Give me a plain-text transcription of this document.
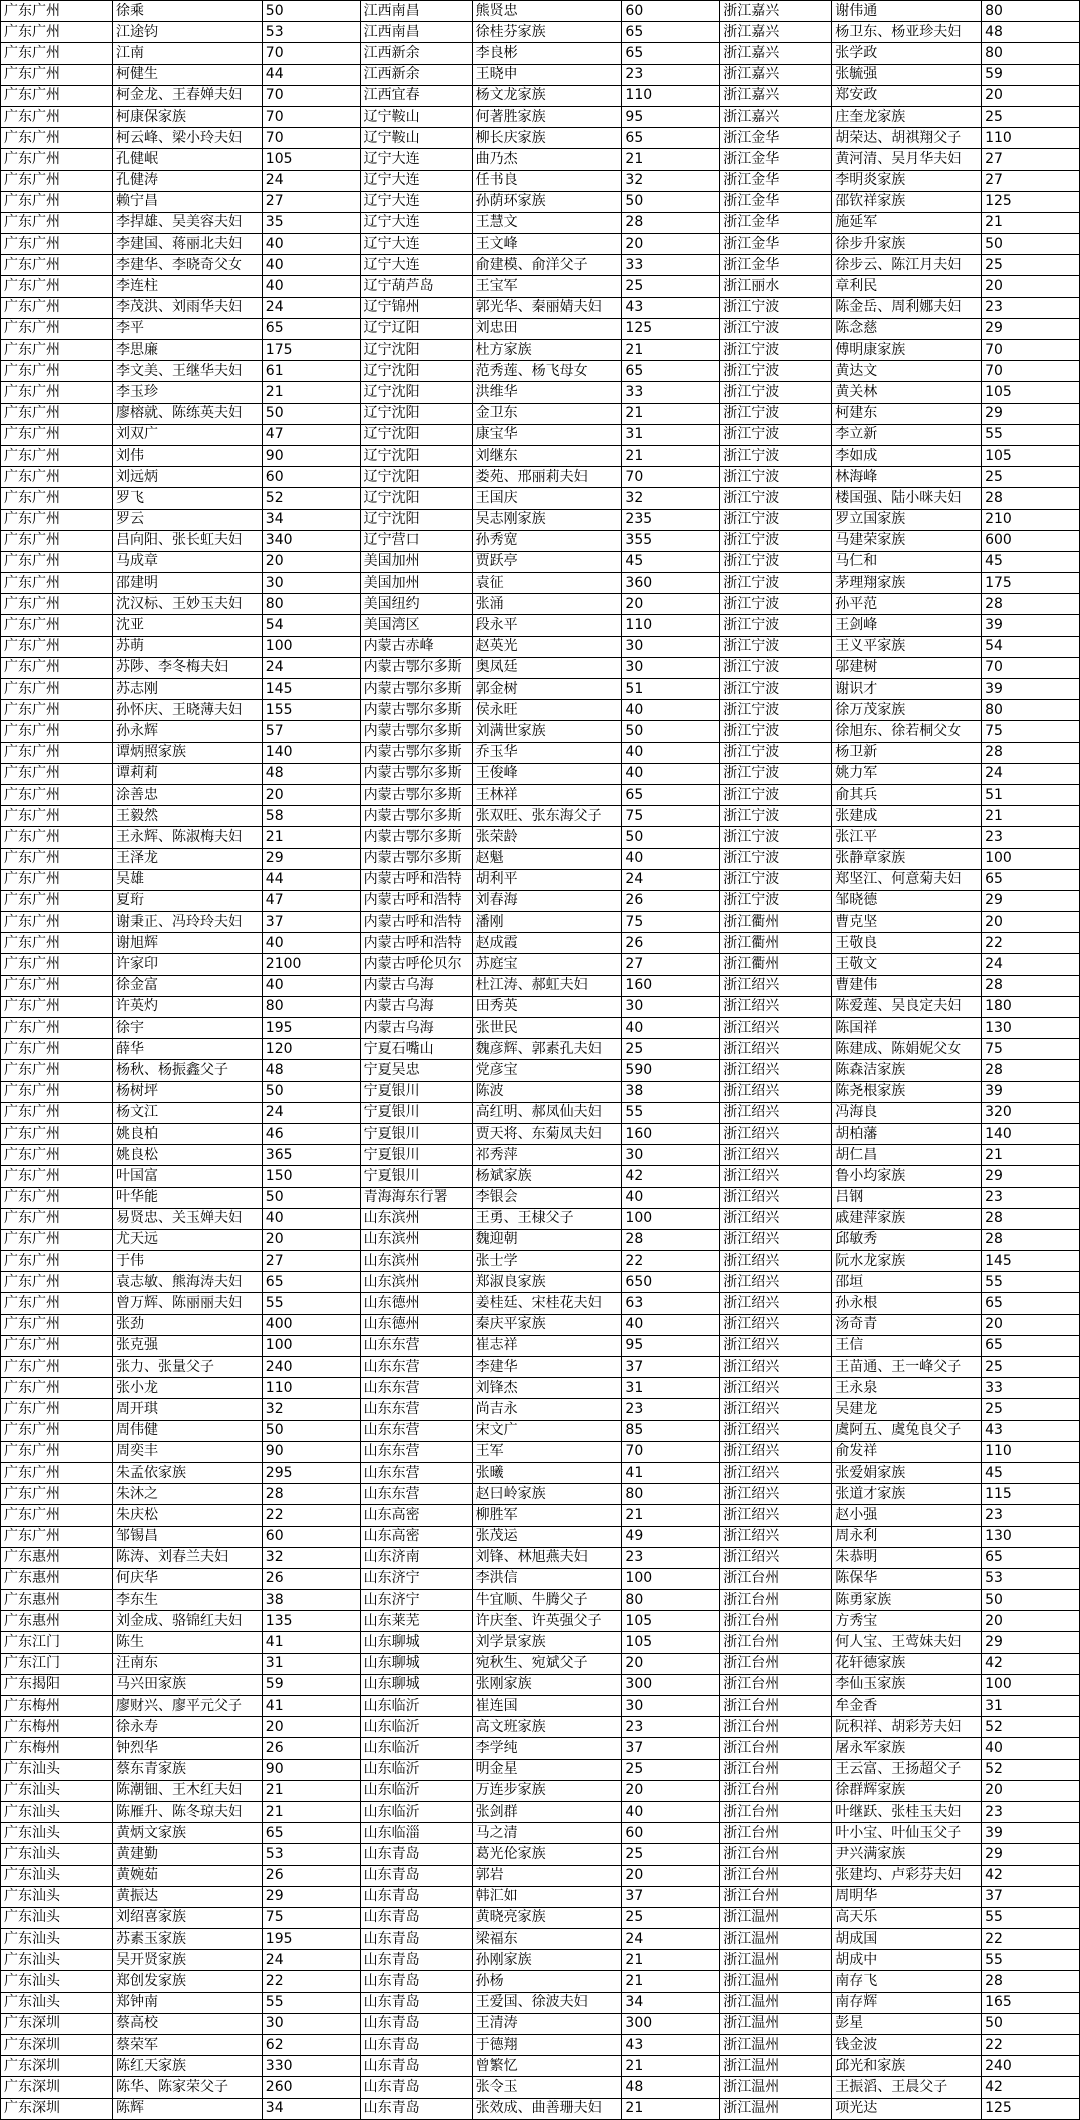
广东广州	徐乘	50	江西南昌	熊贤忠	60	浙江嘉兴	谢伟通	80
广东广州	江途钧	53	江西南昌	徐桂芬家族	65	浙江嘉兴	杨卫东、杨亚珍夫妇	48
广东广州	江南	70	江西新余	李良彬	65	浙江嘉兴	张学政	80
广东广州	柯健生	44	江西新余	王晓申	23	浙江嘉兴	张毓强	59
广东广州	柯金龙、王春婵夫妇	70	江西宜春	杨文龙家族	110	浙江嘉兴	郑安政	20
广东广州	柯康保家族	70	辽宁鞍山	何著胜家族	95	浙江嘉兴	庄奎龙家族	25
广东广州	柯云峰、梁小玲夫妇	70	辽宁鞍山	柳长庆家族	65	浙江金华	胡荣达、胡祺翔父子	110
广东广州	孔健岷	105	辽宁大连	曲乃杰	21	浙江金华	黄河清、吴月华夫妇	27
广东广州	孔健涛	24	辽宁大连	任书良	32	浙江金华	李明炎家族	27
广东广州	赖宁昌	27	辽宁大连	孙荫环家族	50	浙江金华	邵钦祥家族	125
广东广州	李捍雄、吴美容夫妇	35	辽宁大连	王慧文	28	浙江金华	施延军	21
广东广州	李建国、蒋丽北夫妇	40	辽宁大连	王文峰	20	浙江金华	徐步升家族	50
广东广州	李建华、李晓奇父女	40	辽宁大连	俞建模、俞洋父子	33	浙江金华	徐步云、陈江月夫妇	25
广东广州	李连柱	40	辽宁葫芦岛	王宝军	25	浙江丽水	章利民	20
广东广州	李茂洪、刘雨华夫妇	24	辽宁锦州	郭光华、秦丽婧夫妇	43	浙江宁波	陈金岳、周利娜夫妇	23
广东广州	李平	65	辽宁辽阳	刘忠田	125	浙江宁波	陈念慈	29
广东广州	李思廉	175	辽宁沈阳	杜方家族	21	浙江宁波	傅明康家族	70
广东广州	李文美、王继华夫妇	61	辽宁沈阳	范秀莲、杨飞母女	65	浙江宁波	黄达文	70
广东广州	李玉珍	21	辽宁沈阳	洪维华	33	浙江宁波	黄关林	105
广东广州	廖榕就、陈练英夫妇	50	辽宁沈阳	金卫东	21	浙江宁波	柯建东	29
广东广州	刘双广	47	辽宁沈阳	康宝华	31	浙江宁波	李立新	55
广东广州	刘伟	90	辽宁沈阳	刘继东	21	浙江宁波	李如成	105
广东广州	刘远炳	60	辽宁沈阳	娄苑、邢丽莉夫妇	70	浙江宁波	林海峰	25
广东广州	罗飞	52	辽宁沈阳	王国庆	32	浙江宁波	楼国强、陆小咪夫妇	28
广东广州	罗云	34	辽宁沈阳	吴志刚家族	235	浙江宁波	罗立国家族	210
广东广州	吕向阳、张长虹夫妇	340	辽宁营口	孙秀宽	355	浙江宁波	马建荣家族	600
广东广州	马成章	20	美国加州	贾跃亭	45	浙江宁波	马仁和	45
广东广州	邵建明	30	美国加州	袁征	360	浙江宁波	茅理翔家族	175
广东广州	沈汉标、王妙玉夫妇	80	美国纽约	张涌	20	浙江宁波	孙平范	28
广东广州	沈亚	54	美国湾区	段永平	110	浙江宁波	王剑峰	39
广东广州	苏萌	100	内蒙古赤峰	赵英光	30	浙江宁波	王义平家族	54
广东广州	苏陟、李冬梅夫妇	24	内蒙古鄂尔多斯	奥凤廷	30	浙江宁波	邬建树	70
广东广州	苏志刚	145	内蒙古鄂尔多斯	郭金树	51	浙江宁波	谢识才	39
广东广州	孙怀庆、王晓薄夫妇	155	内蒙古鄂尔多斯	侯永旺	40	浙江宁波	徐万茂家族	80
广东广州	孙永辉	57	内蒙古鄂尔多斯	刘满世家族	50	浙江宁波	徐旭东、徐若桐父女	75
广东广州	谭炳照家族	140	内蒙古鄂尔多斯	乔玉华	40	浙江宁波	杨卫新	28
广东广州	谭莉莉	48	内蒙古鄂尔多斯	王俊峰	40	浙江宁波	姚力军	24
广东广州	涂善忠	20	内蒙古鄂尔多斯	王林祥	65	浙江宁波	俞其兵	51
广东广州	王毅然	58	内蒙古鄂尔多斯	张双旺、张东海父子	75	浙江宁波	张建成	21
广东广州	王永辉、陈淑梅夫妇	21	内蒙古鄂尔多斯	张荣龄	50	浙江宁波	张江平	23
广东广州	王泽龙	29	内蒙古鄂尔多斯	赵魁	40	浙江宁波	张静章家族	100
广东广州	吴雄	44	内蒙古呼和浩特	胡利平	24	浙江宁波	郑坚江、何意菊夫妇	65
广东广州	夏珩	47	内蒙古呼和浩特	刘春海	26	浙江宁波	邹晓德	29
广东广州	谢秉正、冯玲玲夫妇	37	内蒙古呼和浩特	潘刚	75	浙江衢州	曹克坚	20
广东广州	谢旭辉	40	内蒙古呼和浩特	赵成霞	26	浙江衢州	王敬良	22
广东广州	许家印	2100	内蒙古呼伦贝尔	苏庭宝	27	浙江衢州	王敬文	24
广东广州	徐金富	40	内蒙古乌海	杜江涛、郝虹夫妇	160	浙江绍兴	曹建伟	28
广东广州	许英灼	80	内蒙古乌海	田秀英	30	浙江绍兴	陈爱莲、吴良定夫妇	180
广东广州	徐宇	195	内蒙古乌海	张世民	40	浙江绍兴	陈国祥	130
广东广州	薛华	120	宁夏石嘴山	魏彦辉、郭素孔夫妇	25	浙江绍兴	陈建成、陈娟妮父女	75
广东广州	杨秋、杨振鑫父子	48	宁夏吴忠	党彦宝	590	浙江绍兴	陈森洁家族	28
广东广州	杨树坪	50	宁夏银川	陈波	38	浙江绍兴	陈尧根家族	39
广东广州	杨文江	24	宁夏银川	高红明、郝凤仙夫妇	55	浙江绍兴	冯海良	320
广东广州	姚良柏	46	宁夏银川	贾天将、东菊凤夫妇	160	浙江绍兴	胡柏藩	140
广东广州	姚良松	365	宁夏银川	祁秀萍	30	浙江绍兴	胡仁昌	21
广东广州	叶国富	150	宁夏银川	杨斌家族	42	浙江绍兴	鲁小均家族	29
广东广州	叶华能	50	青海海东行署	李银会	40	浙江绍兴	吕钢	23
广东广州	易贤忠、关玉婵夫妇	40	山东滨州	王勇、王棣父子	100	浙江绍兴	戚建萍家族	28
广东广州	尤天远	20	山东滨州	魏迎朝	28	浙江绍兴	邱敏秀	28
广东广州	于伟	27	山东滨州	张士学	22	浙江绍兴	阮水龙家族	145
广东广州	袁志敏、熊海涛夫妇	65	山东滨州	郑淑良家族	650	浙江绍兴	邵垣	55
广东广州	曾万辉、陈丽丽夫妇	55	山东德州	姜桂廷、宋桂花夫妇	63	浙江绍兴	孙永根	65
广东广州	张劲	400	山东德州	秦庆平家族	40	浙江绍兴	汤奇青	20
广东广州	张克强	100	山东东营	崔志祥	95	浙江绍兴	王信	65
广东广州	张力、张量父子	240	山东东营	李建华	37	浙江绍兴	王苗通、王一峰父子	25
广东广州	张小龙	110	山东东营	刘锋杰	31	浙江绍兴	王永泉	33
广东广州	周开琪	32	山东东营	尚吉永	23	浙江绍兴	吴建龙	25
广东广州	周伟健	50	山东东营	宋文广	85	浙江绍兴	虞阿五、虞兔良父子	43
广东广州	周奕丰	90	山东东营	王军	70	浙江绍兴	俞发祥	110
广东广州	朱孟依家族	295	山东东营	张曦	41	浙江绍兴	张爱娟家族	45
广东广州	朱沐之	28	山东东营	赵曰岭家族	80	浙江绍兴	张道才家族	115
广东广州	朱庆松	22	山东高密	柳胜军	21	浙江绍兴	赵小强	23
广东广州	邹锡昌	60	山东高密	张茂运	49	浙江绍兴	周永利	130
广东惠州	陈涛、刘春兰夫妇	32	山东济南	刘锋、林旭燕夫妇	23	浙江绍兴	朱恭明	65
广东惠州	何庆华	26	山东济宁	李洪信	100	浙江台州	陈保华	53
广东惠州	李东生	38	山东济宁	牛宜顺、牛腾父子	80	浙江台州	陈勇家族	50
广东惠州	刘金成、骆锦红夫妇	135	山东莱芜	许庆奎、许英强父子	105	浙江台州	方秀宝	20
广东江门	陈生	41	山东聊城	刘学景家族	105	浙江台州	何人宝、王莺妹夫妇	29
广东江门	汪南东	31	山东聊城	宛秋生、宛斌父子	20	浙江台州	花轩德家族	42
广东揭阳	马兴田家族	59	山东聊城	张刚家族	300	浙江台州	李仙玉家族	100
广东梅州	廖财兴、廖平元父子	41	山东临沂	崔连国	30	浙江台州	牟金香	31
广东梅州	徐永寿	20	山东临沂	高文班家族	23	浙江台州	阮积祥、胡彩芳夫妇	52
广东梅州	钟烈华	26	山东临沂	李学纯	37	浙江台州	屠永军家族	40
广东汕头	蔡东青家族	90	山东临沂	明金星	25	浙江台州	王云富、王扬超父子	52
广东汕头	陈潮钿、王木红夫妇	21	山东临沂	万连步家族	20	浙江台州	徐群辉家族	20
广东汕头	陈雁升、陈冬琼夫妇	21	山东临沂	张剑群	40	浙江台州	叶继跃、张桂玉夫妇	23
广东汕头	黄炳文家族	65	山东临淄	马之清	60	浙江台州	叶小宝、叶仙玉父子	39
广东汕头	黄建勤	53	山东青岛	葛光伦家族	25	浙江台州	尹兴满家族	29
广东汕头	黄婉茹	26	山东青岛	郭岩	20	浙江台州	张建均、卢彩芬夫妇	42
广东汕头	黄振达	29	山东青岛	韩汇如	37	浙江台州	周明华	37
广东汕头	刘绍喜家族	75	山东青岛	黄晓亮家族	25	浙江温州	高天乐	55
广东汕头	苏素玉家族	195	山东青岛	梁福东	24	浙江温州	胡成国	22
广东汕头	吴开贤家族	24	山东青岛	孙刚家族	21	浙江温州	胡成中	55
广东汕头	郑创发家族	22	山东青岛	孙杨	21	浙江温州	南存飞	28
广东汕头	郑钟南	55	山东青岛	王爱国、徐波夫妇	34	浙江温州	南存辉	165
广东深圳	蔡高校	30	山东青岛	王清涛	300	浙江温州	彭星	50
广东深圳	蔡荣军	62	山东青岛	于德翔	43	浙江温州	钱金波	22
广东深圳	陈红天家族	330	山东青岛	曾繁忆	21	浙江温州	邱光和家族	240
广东深圳	陈华、陈家荣父子	260	山东青岛	张令玉	48	浙江温州	王振滔、王晨父子	42
广东深圳	陈辉	34	山东青岛	张效成、曲善珊夫妇	21	浙江温州	项光达	125
